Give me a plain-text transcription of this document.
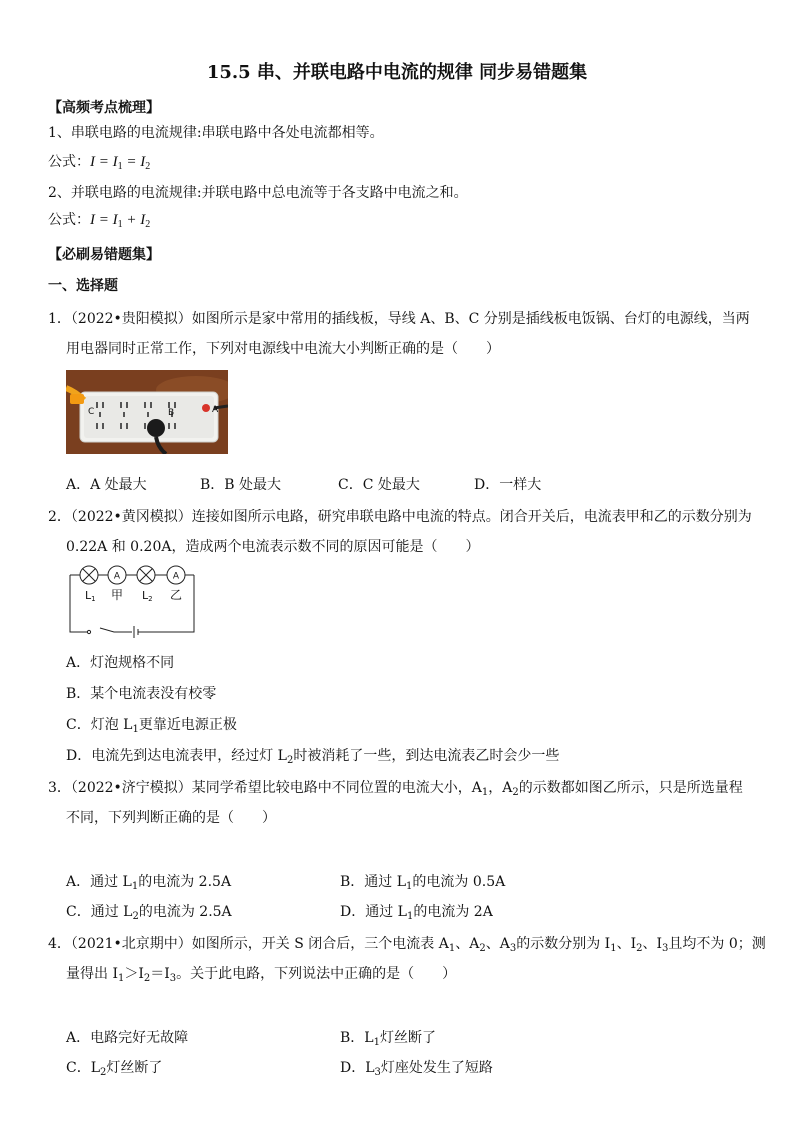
15.5 串、并联电路中电流的规律 同步易错题集
【高频考点梳理】
1、串联电路的电流规律:串联电路中各处电流都相等。
公式：$I = I_1 = I_2$
2、并联电路的电流规律:并联电路中总电流等于各支路中电流之和。
公式：$I = I_1 + I_2$
【必刷易错题集】
一、选择题
1．（2022•贵阳模拟）如图所示是家中常用的插线板，导线 A、B、C 分别是插线板电饭锅、台灯的电源线，当两
用电器同时正常工作，下列对电源线中电流大小判断正确的是（　　）
C	B	A
A．A 处最大	B．B 处最大	C．C 处最大	D．一样大
2．（2022•黄冈模拟）连接如图所示电路，研究串联电路中电流的特点。闭合开关后，电流表甲和乙的示数分别为
0.22A 和 0.20A，造成两个电流表示数不同的原因可能是（　　）
A	A
L1 甲 L2 乙
A．灯泡规格不同
B．某个电流表没有校零
C．灯泡 $L_1$更靠近电源正极
D．电流先到达电流表甲，经过灯 $L_2$时被消耗了一些，到达电流表乙时会少一些
3．（2022•济宁模拟）某同学希望比较电路中不同位置的电流大小，$A_1$，$A_2$的示数都如图乙所示，只是所选量程
不同，下列判断正确的是（　　）
A．通过 $L_1$的电流为 2.5A	B．通过 $L_1$的电流为 0.5A
C．通过 $L_2$的电流为 2.5A	D．通过 $L_1$的电流为 2A
4．（2021•北京期中）如图所示，开关 S 闭合后，三个电流表 $A_1$、$A_2$、$A_3$的示数分别为 $I_1$、$I_2$、$I_3$且均不为 0；测
量得出 $I_1>I_2=I_3$。关于此电路，下列说法中正确的是（　　）
A．电路完好无故障	B．$L_1$灯丝断了
C．$L_2$灯丝断了	D．$L_3$灯座处发生了短路
